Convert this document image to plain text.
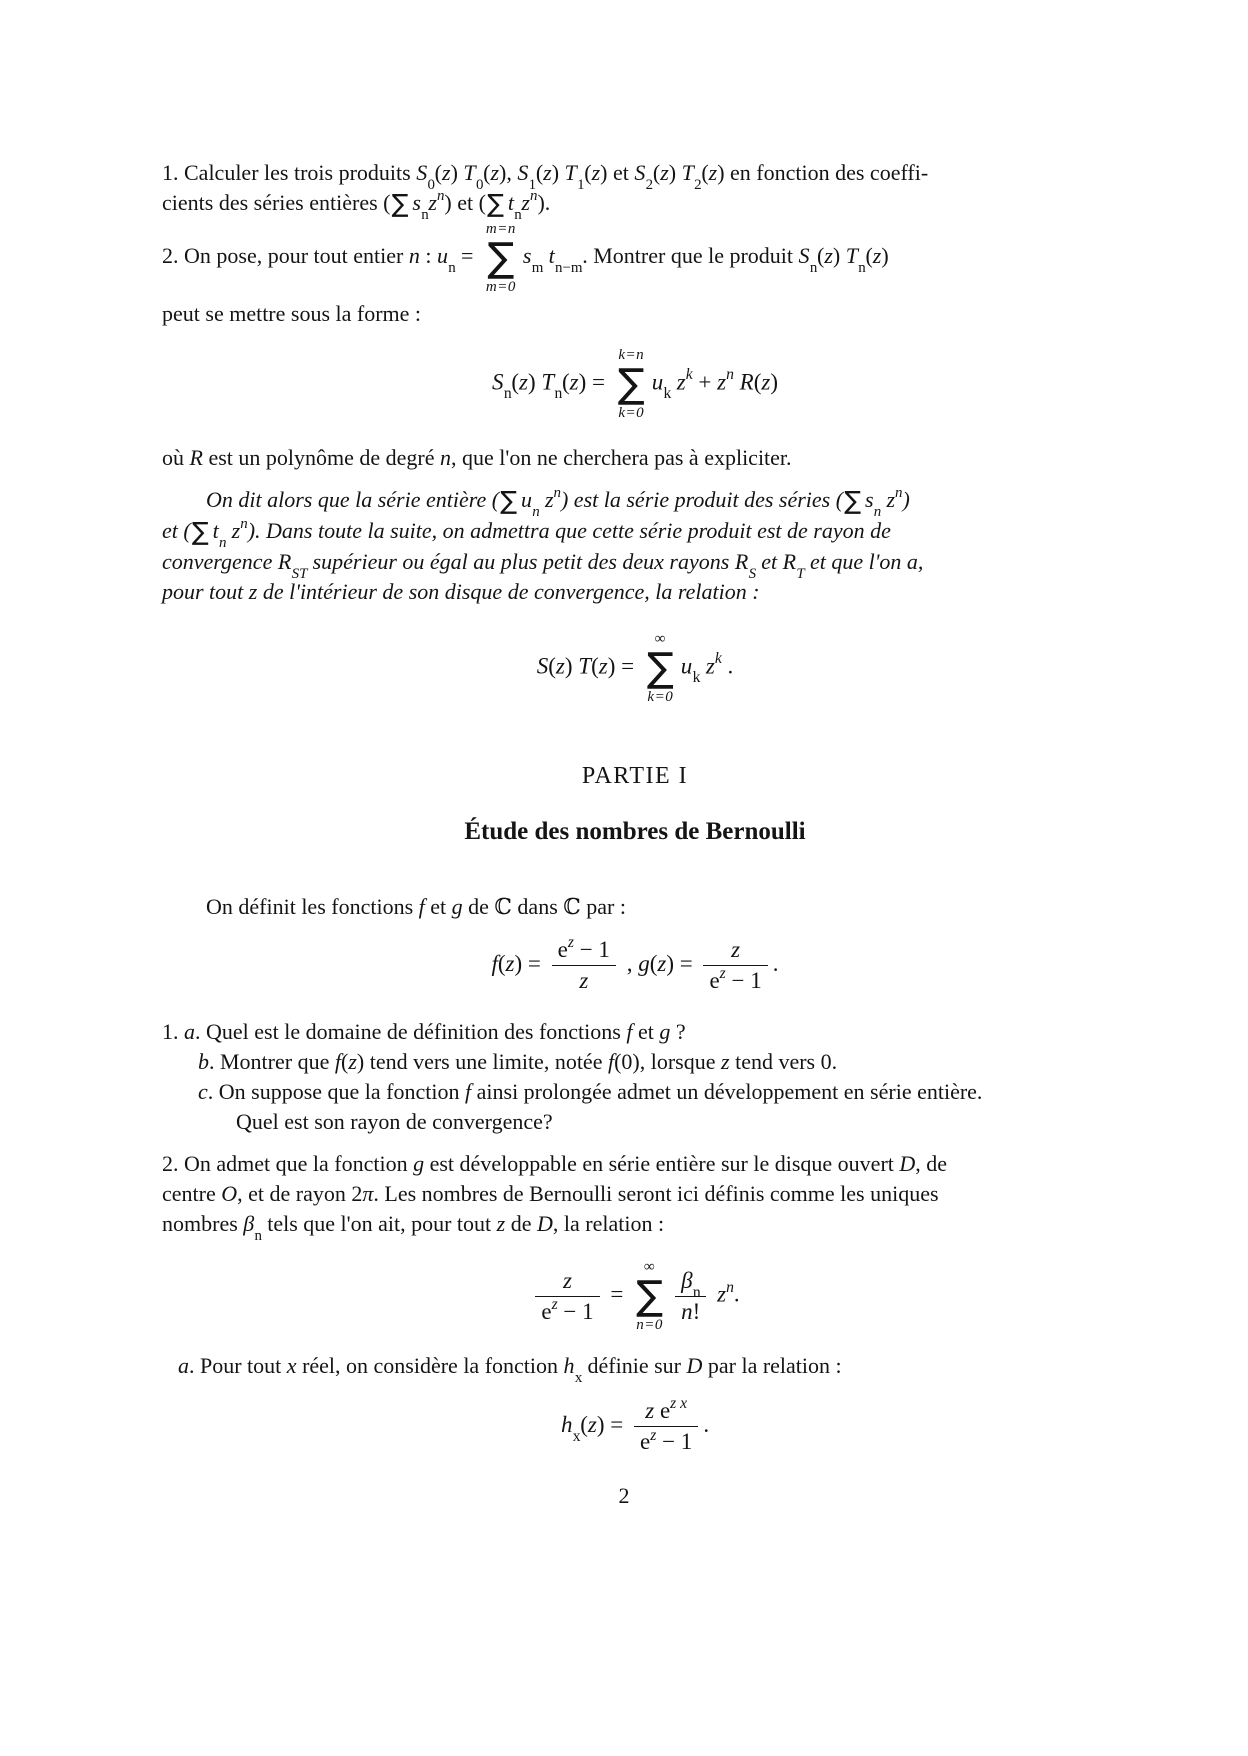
1. Calculer les trois produits $S_0(z)$ $T_0(z)$, $S_1(z)$ $T_1(z)$ et $S_2(z)$ $T_2(z)$ en fonction des coeffi-
cients des séries entières (∑ $s_nz^n$) et (∑ $t_nz^n$).
2. On pose, pour tout entier n : $u_n$ =
m=n
∑
m=0
$s_m$ $t_{n-m}$. Montrer que le produit $S_n(z)$ $T_n(z)$
peut se mettre sous la forme :
$S_n(z) T_n(z)$ =
k=n
∑
k=0
$u_k$ $z^k + z^n$ R(z)
où R est un polynôme de degré n, que l'on ne cherchera pas à expliciter.
On dit alors que la série entière (∑ $u_n$ $z^n$) est la série produit des séries (∑ $s_n$ $z^n$)
et (∑ $t_n$ $z^n$). Dans toute la suite, on admettra que cette série produit est de rayon de
convergence $R_{ST}$ supérieur ou égal au plus petit des deux rayons $R_S$ et $R_T$ et que l'on a,
pour tout z de l'intérieur de son disque de convergence, la relation :
S(z) T(z) =
∞
∑
k=0
$u_k$ $z^k$ .
PARTIE I
Étude des nombres de Bernoulli
On définit les fonctions f et g de ℂ dans ℂ par :
$f(z) = \frac{e^z - 1}{z}$ , $g(z) = \frac{z}{e^z - 1}$ .
1. a. Quel est le domaine de définition des fonctions f et g ?
b. Montrer que f(z) tend vers une limite, notée f(0), lorsque z tend vers 0.
c. On suppose que la fonction f ainsi prolongée admet un développement en série entière.
Quel est son rayon de convergence?
2. On admet que la fonction g est développable en série entière sur le disque ouvert D, de
centre O, et de rayon 2π. Les nombres de Bernoulli seront ici définis comme les uniques
nombres $\beta_n$ tels que l'on ait, pour tout z de D, la relation :
$\frac{z}{e^z - 1}$ =
∞
∑
n=0
$\frac{\beta_n}{n!} z^n$.
a. Pour tout x réel, on considère la fonction $h_x$ définie sur D par la relation :
$h_x(z) = \frac{z e^{z x}}{e^z - 1}$ .
2
